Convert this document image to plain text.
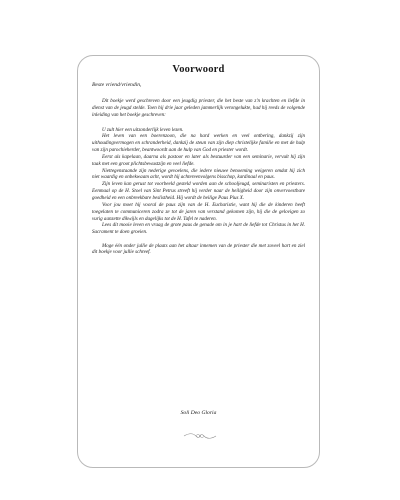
Voorwoord
Beste vriend/vriendin,

Dit boekje werd geschreven door een jeugdig priester, die het beste van z'n krachten en liefde in dienst van de jeugd stelde. Toen hij drie jaar geleden jammerlijk verongelukte, had hij reeds de volgende inleiding van het boekje geschreven:

U zult hier een uitzonderlijk leven lezen.

Het leven van een boerenzoon, die na hard werken en veel ontbering, dankzij zijn uithoudingvermogen en schranderheid, dankzij de steun van zijn diep christelijke familie en met de hulp van zijn parochieherder, beantwoordt aan de hulp van God en priester wordt.

Eerst als kapelaan, daarna als pastoor en later als bestuurder van een seminarie, vervult hij zijn taak met een groot plichtsbewustzijn en veel liefde.

Niettegenstaande zijn nederige gevoelens, die iedere nieuwe benoeming weigeren omdat hij zich niet waardig en onbekwaam acht, wordt hij achtereenvolgens bisschop, kardinaal en paus.

Zijn leven kan gerust tot voorbeeld gesteld worden aan de schooljeugd, seminaristen en priesters. Eenmaal op de H. Stoel van Sint Petrus streeft hij verder naar de heiligheid door zijn onvervoestbare goedheid en een onbreekbare beslistheid. Hij wordt de heilige Paus Pius X.

Voor jou moet hij vooral de paus zijn van de H. Eucharistie, want hij die de kinderen heeft toegelaten te communiceren zodra ze tot de jaren van verstand gekomen zijn, hij die de gelovigen zo vurig aanzette dikwijls en dagelijks tot de H. Tafel te naderen.

Lees dit mooie leven en vraag de grote paus de genade om in je hart de liefde tot Christus in het H. Sacrament te doen groeien.

Moge één onder jullie de plaats aan het altaar innemen van de priester die met zoveel hart en ziel dit boekje voor jullie schreef.

Soli Deo Gloria
